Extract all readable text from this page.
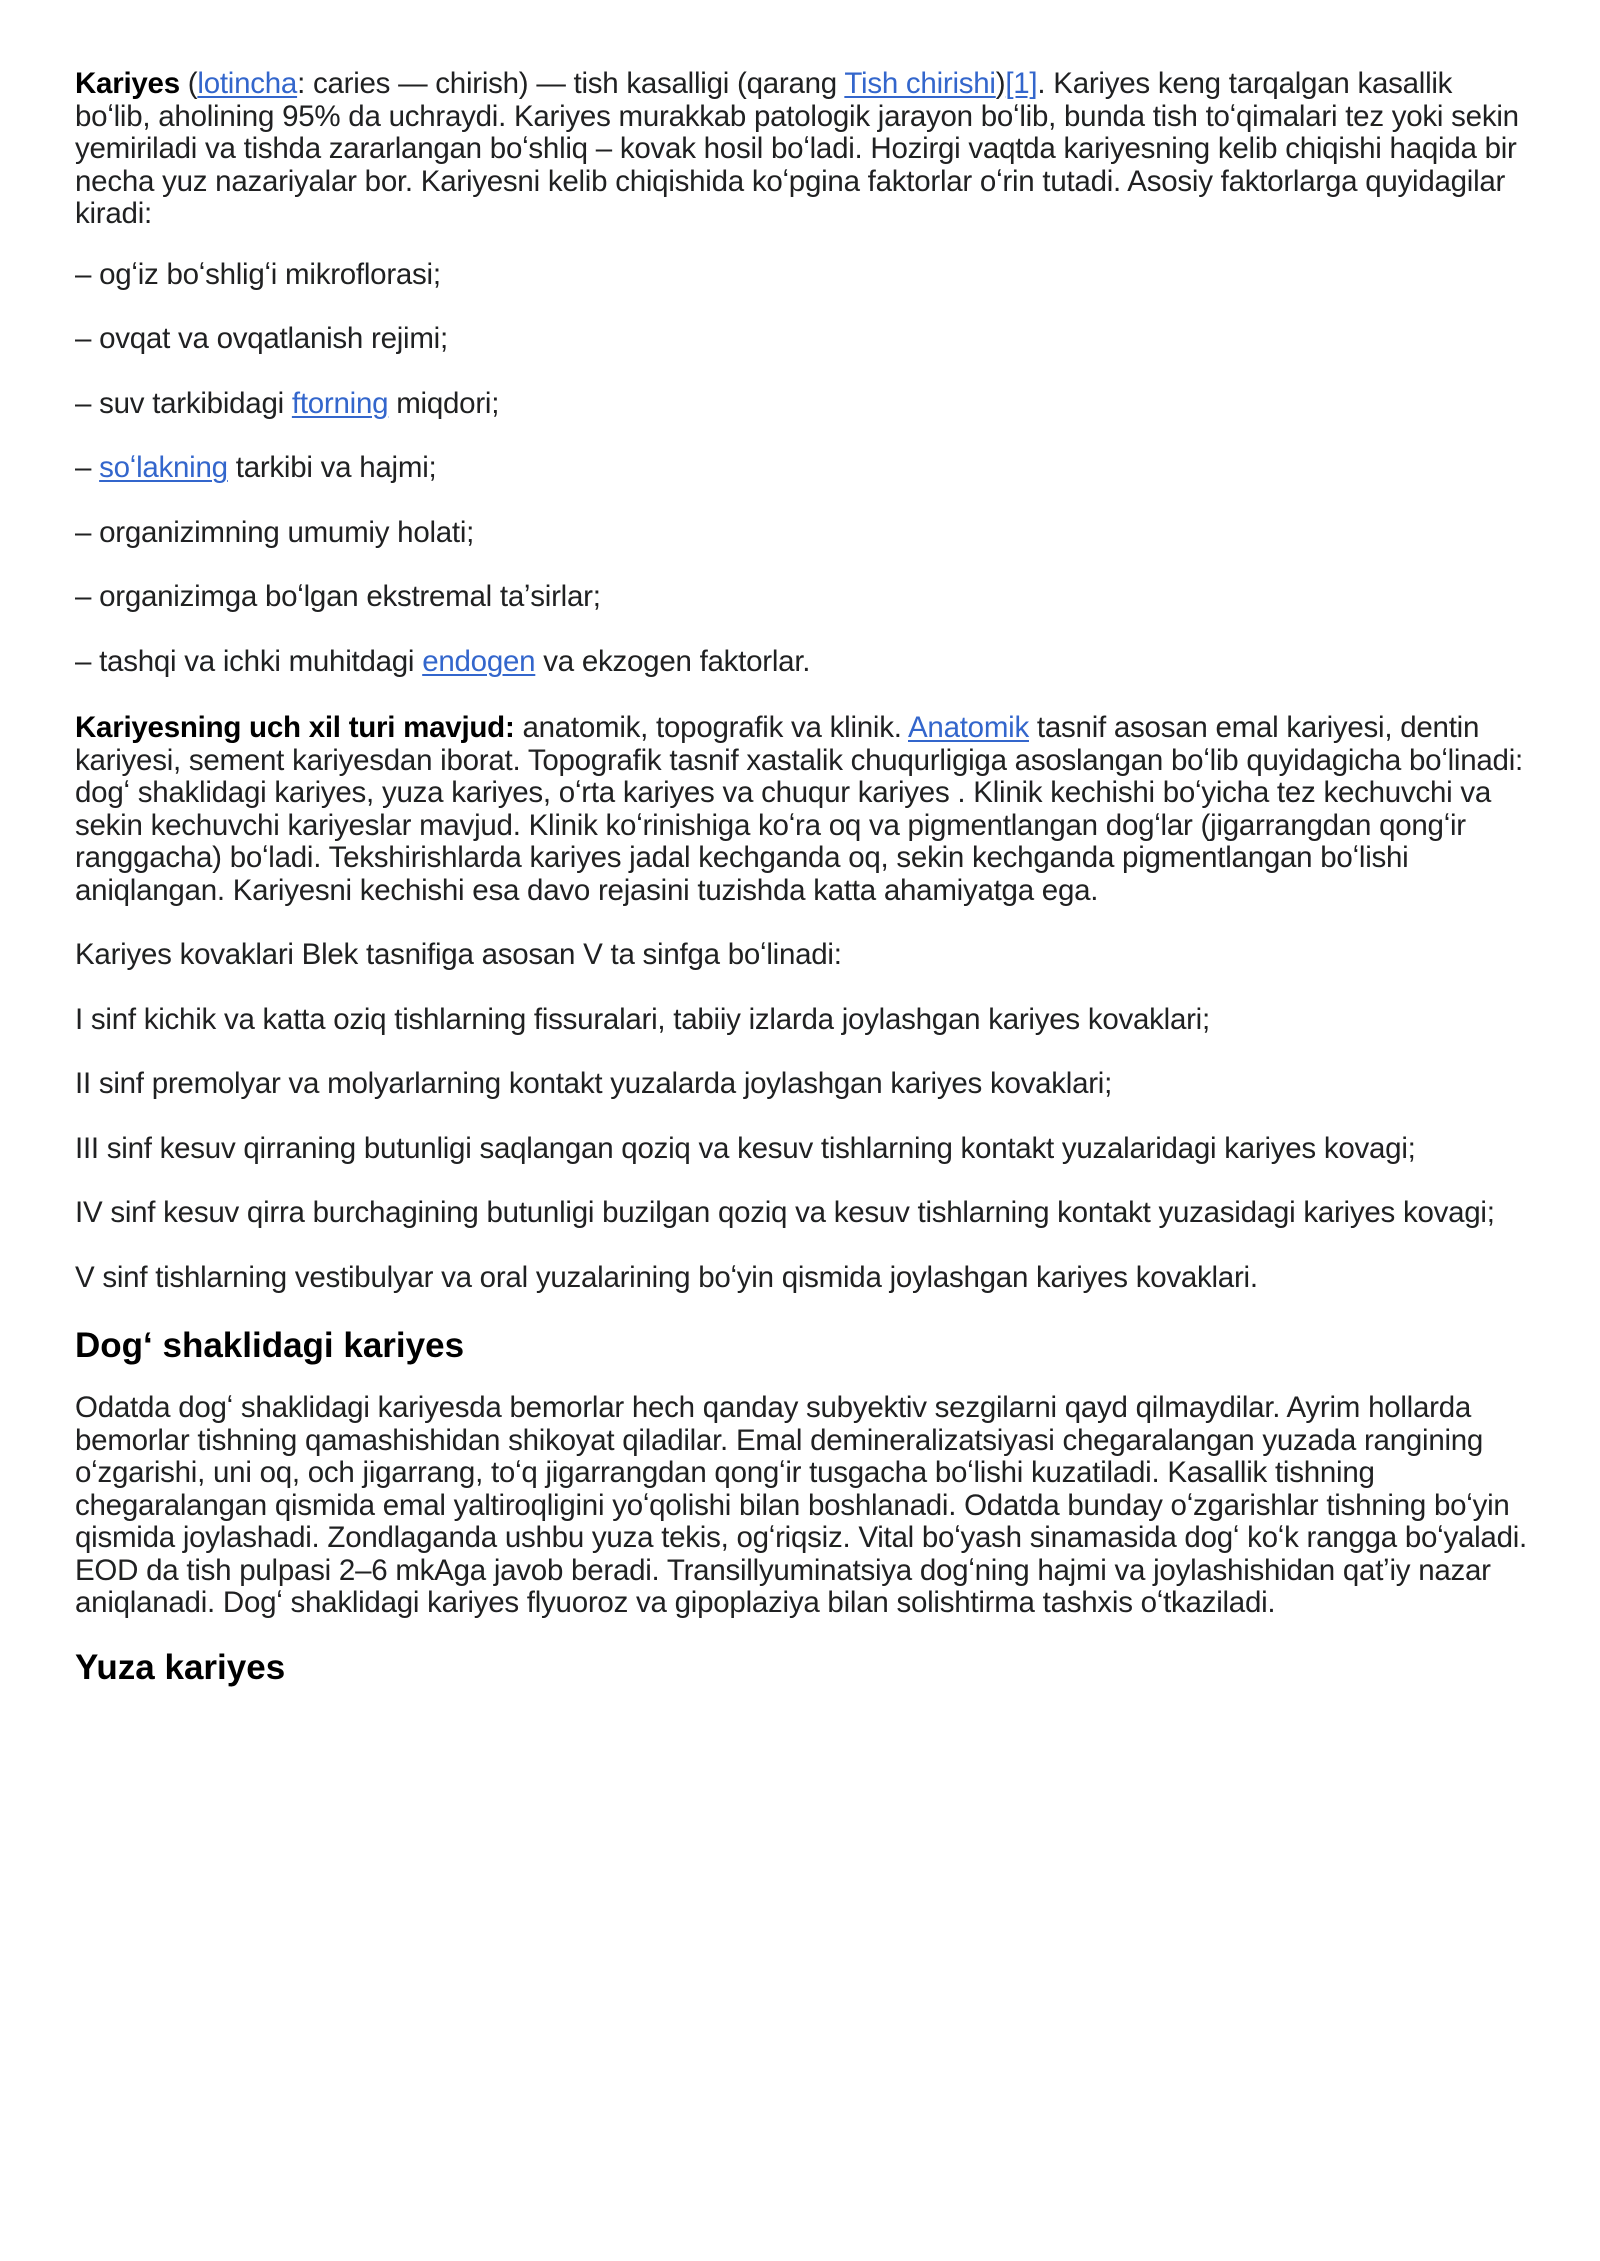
Kariyes (lotincha: caries — chirish) — tish kasalligi (qarang Tish chirishi)[1]. Kariyes keng tarqalgan kasallik boʻlib, aholining 95% da uchraydi. Kariyes murakkab patologik jarayon boʻlib, bunda tish toʻqimalari tez yoki sekin yemiriladi va tishda zararlangan boʻshliq – kovak hosil boʻladi. Hozirgi vaqtda kariyesning kelib chiqishi haqida bir necha yuz nazariyalar bor. Kariyesni kelib chiqishida koʻpgina faktorlar oʻrin tutadi. Asosiy faktorlarga quyidagilar kiradi:

– ogʻiz boʻshligʻi mikroflorasi;

– ovqat va ovqatlanish rejimi;

– suv tarkibidagi ftorning miqdori;

– soʻlakning tarkibi va hajmi;

– organizimning umumiy holati;

– organizimga boʻlgan ekstremal taʼsirlar;

– tashqi va ichki muhitdagi endogen va ekzogen faktorlar.

Kariyesning uch xil turi mavjud: anatomik, topografik va klinik. Anatomik tasnif asosan emal kariyesi, dentin kariyesi, sement kariyesdan iborat. Topografik tasnif xastalik chuqurligiga asoslangan boʻlib quyidagicha boʻlinadi: dogʻ shaklidagi kariyes, yuza kariyes, oʻrta kariyes va chuqur kariyes . Klinik kechishi boʻyicha tez kechuvchi va sekin kechuvchi kariyeslar mavjud. Klinik koʻrinishiga koʻra oq va pigmentlangan dogʻlar (jigarrangdan qongʻir ranggacha) boʻladi. Tekshirishlarda kariyes jadal kechganda oq, sekin kechganda pigmentlangan boʻlishi aniqlangan. Kariyesni kechishi esa davo rejasini tuzishda katta ahamiyatga ega.

Kariyes kovaklari Blek tasnifiga asosan V ta sinfga boʻlinadi:

I sinf kichik va katta oziq tishlarning fissuralari, tabiiy izlarda joylashgan kariyes kovaklari;

II sinf premolyar va molyarlarning kontakt yuzalarda joylashgan kariyes kovaklari;

III sinf kesuv qirraning butunligi saqlangan qoziq va kesuv tishlarning kontakt yuzalaridagi kariyes kovagi;

IV sinf kesuv qirra burchagining butunligi buzilgan qoziq va kesuv tishlarning kontakt yuzasidagi kariyes kovagi;

V sinf tishlarning vestibulyar va oral yuzalarining boʻyin qismida joylashgan kariyes kovaklari.

Dogʻ shaklidagi kariyes

Odatda dogʻ shaklidagi kariyesda bemorlar hech qanday subyektiv sezgilarni qayd qilmaydilar. Ayrim hollarda bemorlar tishning qamashishidan shikoyat qiladilar. Emal demineralizatsiyasi chegaralangan yuzada rangining oʻzgarishi, uni oq, och jigarrang, toʻq jigarrangdan qongʻir tusgacha boʻlishi kuzatiladi. Kasallik tishning chegaralangan qismida emal yaltiroqligini yoʻqolishi bilan boshlanadi. Odatda bunday oʻzgarishlar tishning boʻyin qismida joylashadi. Zondlaganda ushbu yuza tekis, ogʻriqsiz. Vital boʻyash sinamasida dogʻ koʻk rangga boʻyaladi. EOD da tish pulpasi 2–6 mkAga javob beradi. Transillyuminatsiya dogʻning hajmi va joylashishidan qatʼiy nazar aniqlanadi. Dogʻ shaklidagi kariyes flyuoroz va gipoplaziya bilan solishtirma tashxis oʻtkaziladi.

Yuza kariyes
